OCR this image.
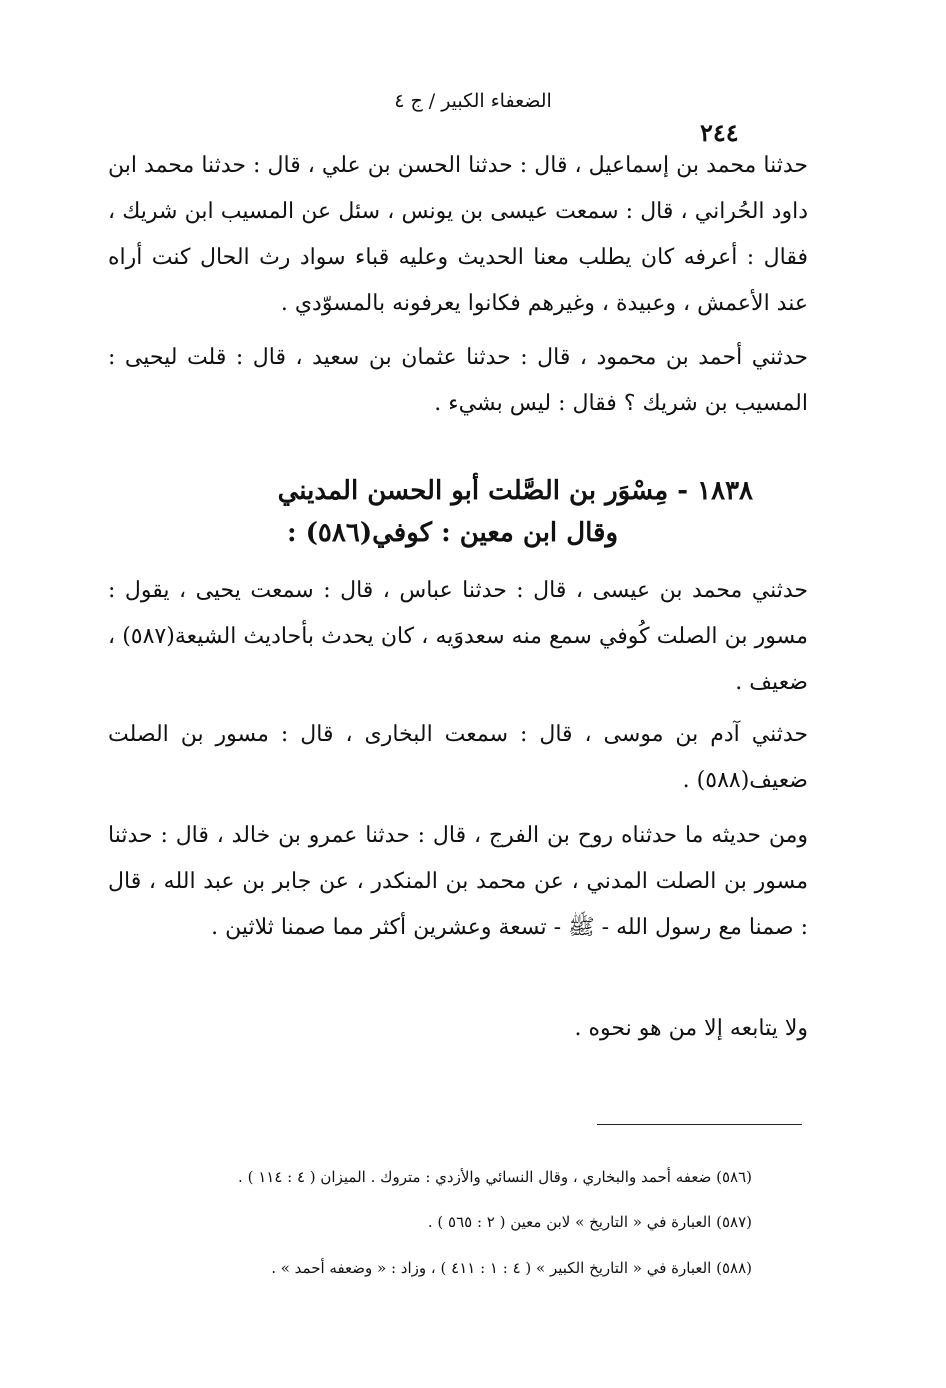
الضعفاء الكبير / ج ٤
٢٤٤
حدثنا محمد بن إسماعيل ، قال : حدثنا الحسن بن علي ، قال : حدثنا محمد ابن داود الحُراني ، قال : سمعت عيسى بن يونس ، سئل عن المسيب ابن شريك ، فقال : أعرفه كان يطلب معنا الحديث وعليه قباء سواد رث الحال كنت أراه عند الأعمش ، وعبيدة ، وغيرهم فكانوا يعرفونه بالمسوّدي .
حدثني أحمد بن محمود ، قال : حدثنا عثمان بن سعيد ، قال : قلت ليحيى : المسيب بن شريك ؟ فقال : ليس بشيء .
١٨٣٨ - مِسْوَر بن الصَّلت أبو الحسن المديني
وقال ابن معين : كوفي(٥٨٦) :
حدثني محمد بن عيسى ، قال : حدثنا عباس ، قال : سمعت يحيى ، يقول : مسور بن الصلت كُوفي سمع منه سعدوَيه ، كان يحدث بأحاديث الشيعة(٥٨٧) ، ضعيف .
حدثني آدم بن موسى ، قال : سمعت البخارى ، قال : مسور بن الصلت ضعيف(٥٨٨) .
ومن حديثه ما حدثناه روح بن الفرج ، قال : حدثنا عمرو بن خالد ، قال : حدثنا مسور بن الصلت المدني ، عن محمد بن المنكدر ، عن جابر بن عبد الله ، قال : صمنا مع رسول الله - ﷺ - تسعة وعشرين أكثر مما صمنا ثلاثين .
ولا يتابعه إلا من هو نحوه .
(٥٨٦) ضعفه أحمد والبخاري ، وقال النسائي والأزدي : متروك . الميزان ( ٤ : ١١٤ ) .
(٥٨٧) العبارة في « التاريخ » لابن معين ( ٢ : ٥٦٥ ) .
(٥٨٨) العبارة في « التاريخ الكبير » ( ٤ : ١ : ٤١١ ) ، وزاد : « وضعفه أحمد » .
